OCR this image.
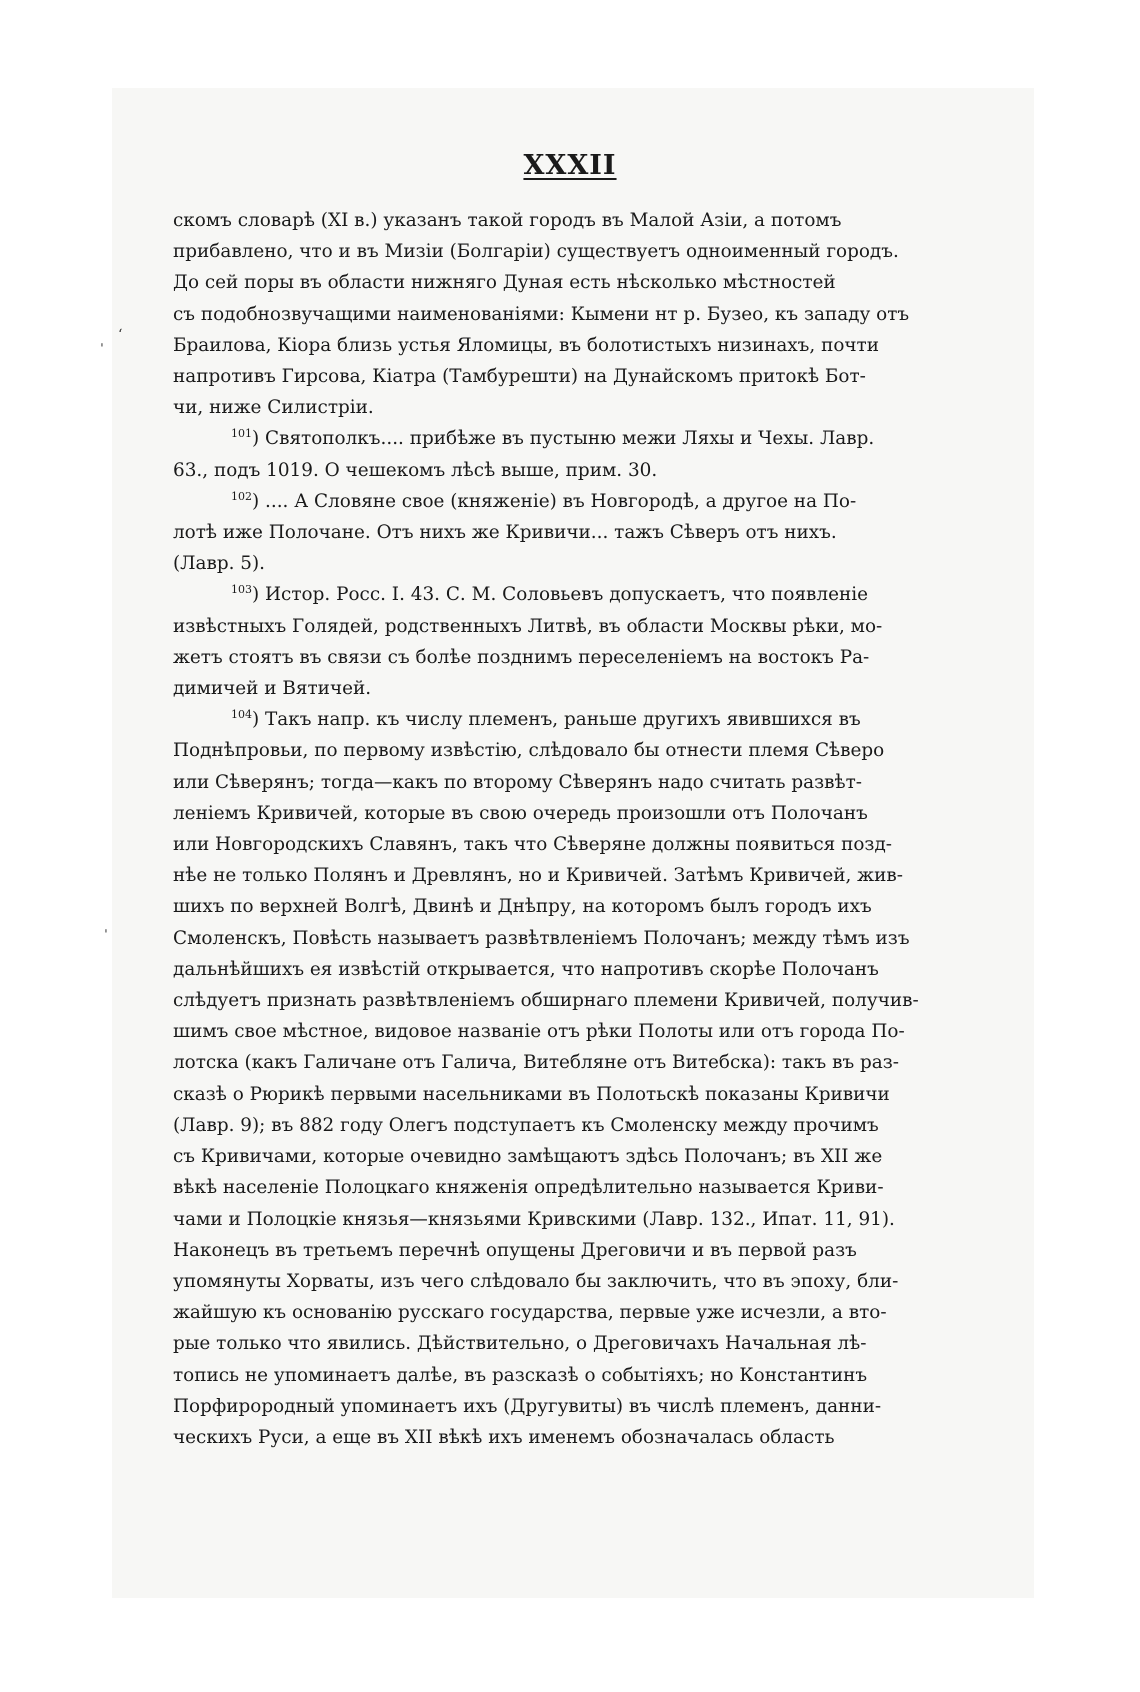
XXXII
‘
ˈ
ˈ

скомъ словарѣ (XI в.) указанъ такой городъ въ Малой Азіи, а потомъ
прибавлено, что и въ Мизіи (Болгаріи) существуетъ одноименный городъ.
До сей поры въ области нижняго Дуная есть нѣсколько мѣстностей
съ подобнозвучащими наименованіями: Кымени нт р. Бузео, къ западу отъ
Браилова, Кіора близь устья Яломицы, въ болотистыхъ низинахъ, почти
напротивъ Гирсова, Кіатра (Тамбурешти) на Дунайскомъ притокѣ Бот-
чи, ниже Силистріи.

$^{101}$) Святополкъ.... прибѣже въ пустыню межи Ляхы и Чехы. Лавр.
63., подъ 1019. О чешекомъ лѣсѣ выше, прим. 30.

$^{102}$) .... А Словяне свое (княженіе) въ Новгородѣ, а другое на По-
лотѣ иже Полочане. Отъ нихъ же Кривичи... тажъ Сѣверъ отъ нихъ.
(Лавр. 5).

$^{103}$) Истор. Росс. I. 43. С. М. Соловьевъ допускаетъ, что появленіе
извѣстныхъ Голядей, родственныхъ Литвѣ, въ области Москвы рѣки, мо-
жетъ стоятъ въ связи съ болѣе позднимъ переселеніемъ на востокъ Ра-
димичей и Вятичей.

$^{104}$) Такъ напр. къ числу племенъ, раньше другихъ явившихся въ
Поднѣпровьи, по первому извѣстію, слѣдовало бы отнести племя Сѣверо
или Сѣверянъ; тогда—какъ по второму Сѣверянъ надо считать развѣт-
леніемъ Кривичей, которые въ свою очередь произошли отъ Полочанъ
или Новгородскихъ Славянъ, такъ что Сѣверяне должны появиться позд-
нѣе не только Полянъ и Древлянъ, но и Кривичей. Затѣмъ Кривичей, жив-
шихъ по верхней Волгѣ, Двинѣ и Днѣпру, на которомъ былъ городъ ихъ
Смоленскъ, Повѣсть называетъ развѣтвленіемъ Полочанъ; между тѣмъ изъ
дальнѣйшихъ ея извѣстій открывается, что напротивъ скорѣе Полочанъ
слѣдуетъ признать развѣтвленіемъ обширнаго племени Кривичей, получив-
шимъ свое мѣстное, видовое названіе отъ рѣки Полоты или отъ города По-
лотска (какъ Галичане отъ Галича, Витебляне отъ Витебска): такъ въ раз-
сказѣ о Рюрикѣ первыми насельниками въ Полотьскѣ показаны Кривичи
(Лавр. 9); въ 882 году Олегъ подступаетъ къ Смоленску между прочимъ
съ Кривичами, которые очевидно замѣщаютъ здѣсь Полочанъ; въ XII же
вѣкѣ населеніе Полоцкаго княженія опредѣлительно называется Криви-
чами и Полоцкіе князья—князьями Кривскими (Лавр. 132., Ипат. 11, 91).
Наконецъ въ третьемъ перечнѣ опущены Дреговичи и въ первой разъ
упомянуты Хорваты, изъ чего слѣдовало бы заключить, что въ эпоху, бли-
жайшую къ основанію русскаго государства, первые уже исчезли, а вто-
рые только что явились. Дѣйствительно, о Дреговичахъ Начальная лѣ-
топись не упоминаетъ далѣе, въ разсказѣ о событіяхъ; но Константинъ
Порфирородный упоминаетъ ихъ (Другувиты) въ числѣ племенъ, данни-
ческихъ Руси, а еще въ XII вѣкѣ ихъ именемъ обозначалась область
